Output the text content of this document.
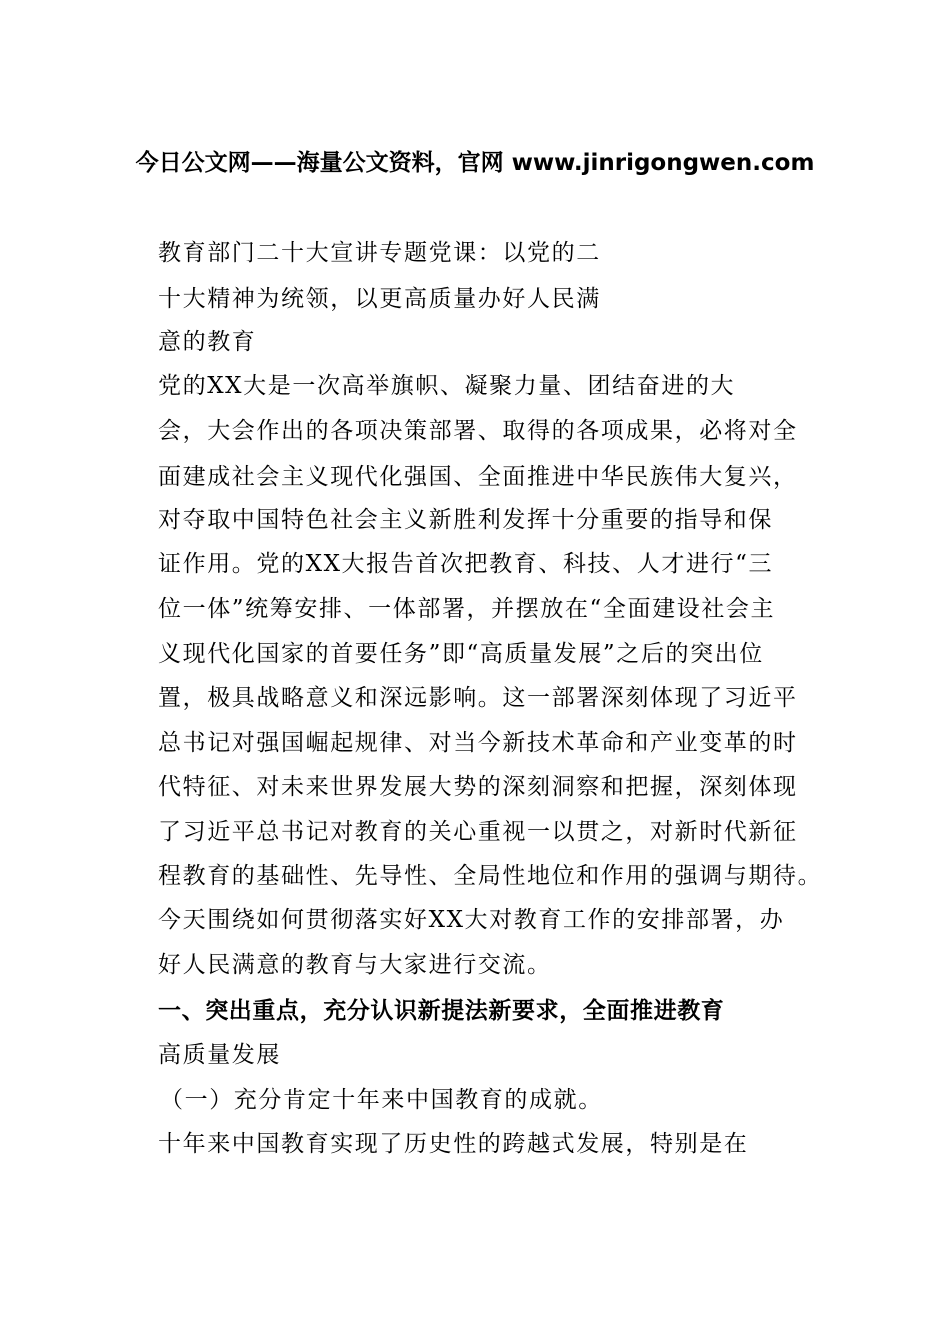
今日公文网——海量公文资料，官网 www.jinrigongwen.com
教育部门二十大宣讲专题党课：以党的二
十大精神为统领，以更高质量办好人民满
意的教育
党的XX大是一次高举旗帜、凝聚力量、团结奋进的大
会，大会作出的各项决策部署、取得的各项成果，必将对全
面建成社会主义现代化强国、全面推进中华民族伟大复兴，
对夺取中国特色社会主义新胜利发挥十分重要的指导和保
证作用。党的XX大报告首次把教育、科技、人才进行“三
位一体”统筹安排、一体部署，并摆放在“全面建设社会主
义现代化国家的首要任务”即“高质量发展”之后的突出位
置，极具战略意义和深远影响。这一部署深刻体现了习近平
总书记对强国崛起规律、对当今新技术革命和产业变革的时
代特征、对未来世界发展大势的深刻洞察和把握，深刻体现
了习近平总书记对教育的关心重视一以贯之，对新时代新征
程教育的基础性、先导性、全局性地位和作用的强调与期待。
今天围绕如何贯彻落实好XX大对教育工作的安排部署，办
好人民满意的教育与大家进行交流。
一、突出重点，充分认识新提法新要求，全面推进教育
高质量发展
（一）充分肯定十年来中国教育的成就。
十年来中国教育实现了历史性的跨越式发展，特别是在
